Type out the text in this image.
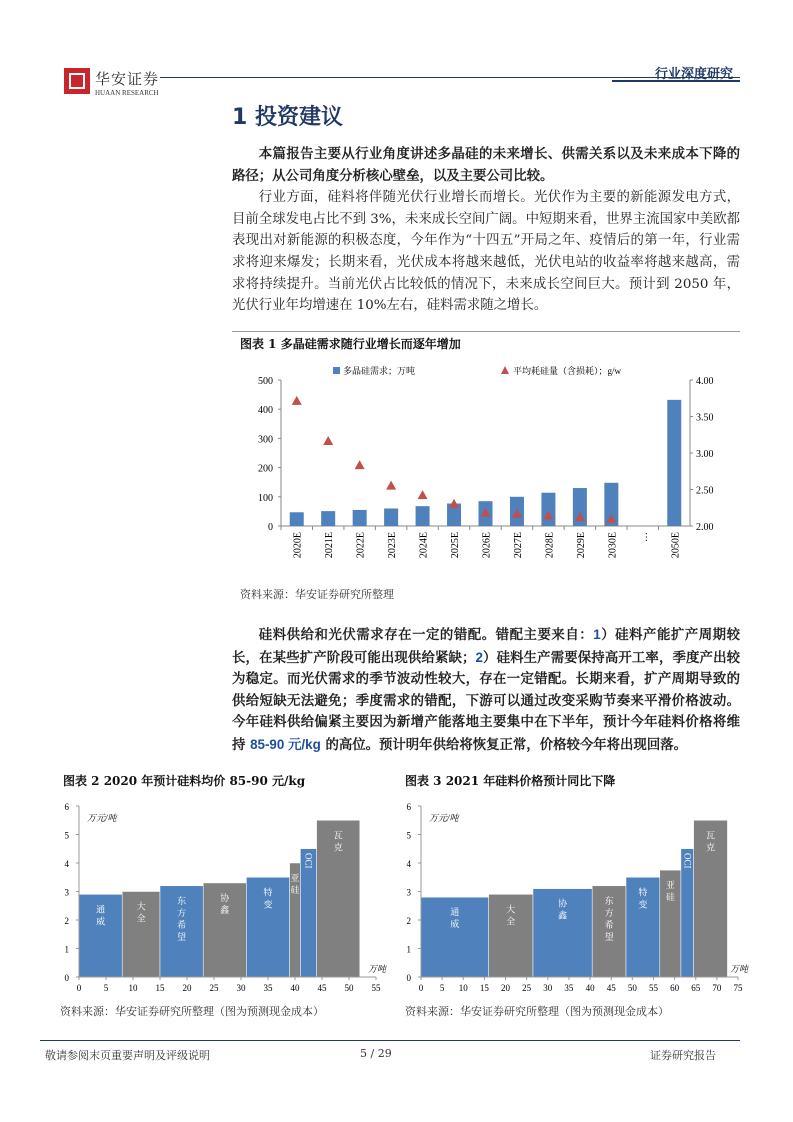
华安证券
HUAAN RESEARCH
行业深度研究
1 投资建议

本篇报告主要从行业角度讲述多晶硅的未来增长、供需关系以及未来成本下降的路径；从公司角度分析核心壁垒，以及主要公司比较。

行业方面，硅料将伴随光伏行业增长而增长。光伏作为主要的新能源发电方式，目前全球发电占比不到 3%，未来成长空间广阔。中短期来看，世界主流国家中美欧都表现出对新能源的积极态度，今年作为“十四五”开局之年、疫情后的第一年，行业需求将迎来爆发；长期来看，光伏成本将越来越低，光伏电站的收益率将越来越高，需求将持续提升。当前光伏占比较低的情况下，未来成长空间巨大。预计到 2050 年，光伏行业年均增速在 10%左右，硅料需求随之增长。

图表 1 多晶硅需求随行业增长而逐年增加
0
100
200
300
400
500
2.00
2.50
3.00
3.50
4.00
2020E 2021E 2022E 2023E 2024E 2025E 2026E 2027E 2028E 2029E 2030E … 2050E
多晶硅需求；万吨	平均耗硅量（含损耗）；g/w
资料来源：华安证券研究所整理

硅料供给和光伏需求存在一定的错配。错配主要来自：1）硅料产能扩产周期较长，在某些扩产阶段可能出现供给紧缺；2）硅料生产需要保持高开工率，季度产出较为稳定。而光伏需求的季节波动性较大，存在一定错配。长期来看，扩产周期导致的供给短缺无法避免；季度需求的错配，下游可以通过改变采购节奏来平滑价格波动。今年硅料供给偏紧主要因为新增产能落地主要集中在下半年，预计今年硅料价格将维持 85-90 元/kg 的高位。预计明年供给将恢复正常，价格较今年将出现回落。

图表 2 2020 年预计硅料均价 85-90 元/kg	图表 3 2021 年硅料价格预计同比下降
通威
大全
东方希望
协鑫
特变
亚硅
OCI
瓦克
0
1
2
3
4
5
6
0	5 10 15 20 25 30 35 40 45 50 55
万元/吨
万吨
通威
大全
协鑫
东方希望
特变
亚硅
OCI
瓦克
0
1
2
3
4
5
6
0 5 10 15 20 25 30 35 40 45 50 55 60 65 70 75
万元/吨
万吨
资料来源：华安证券研究所整理（图为预测现金成本）	资料来源：华安证券研究所整理（图为预测现金成本）
敬请参阅末页重要声明及评级说明	5 / 29	证券研究报告
